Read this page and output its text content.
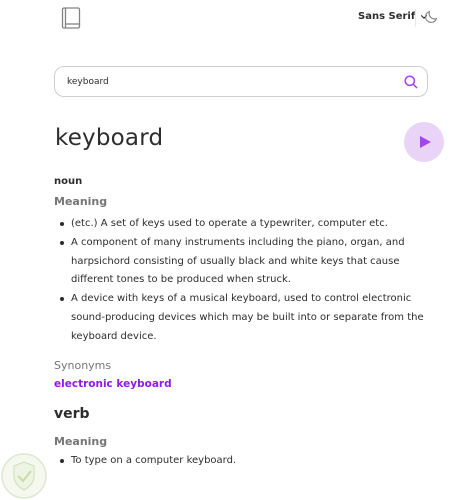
Sans Serif
keyboard
keyboard
noun
Meaning
(etc.) A set of keys used to operate a typewriter, computer etc.
A component of many instruments including the piano, organ, and harpsichord consisting of usually black and white keys that cause different tones to be produced when struck.
A device with keys of a musical keyboard, used to control electronic sound-producing devices which may be built into or separate from the keyboard device.
Synonyms
electronic keyboard
verb
Meaning
To type on a computer keyboard.
